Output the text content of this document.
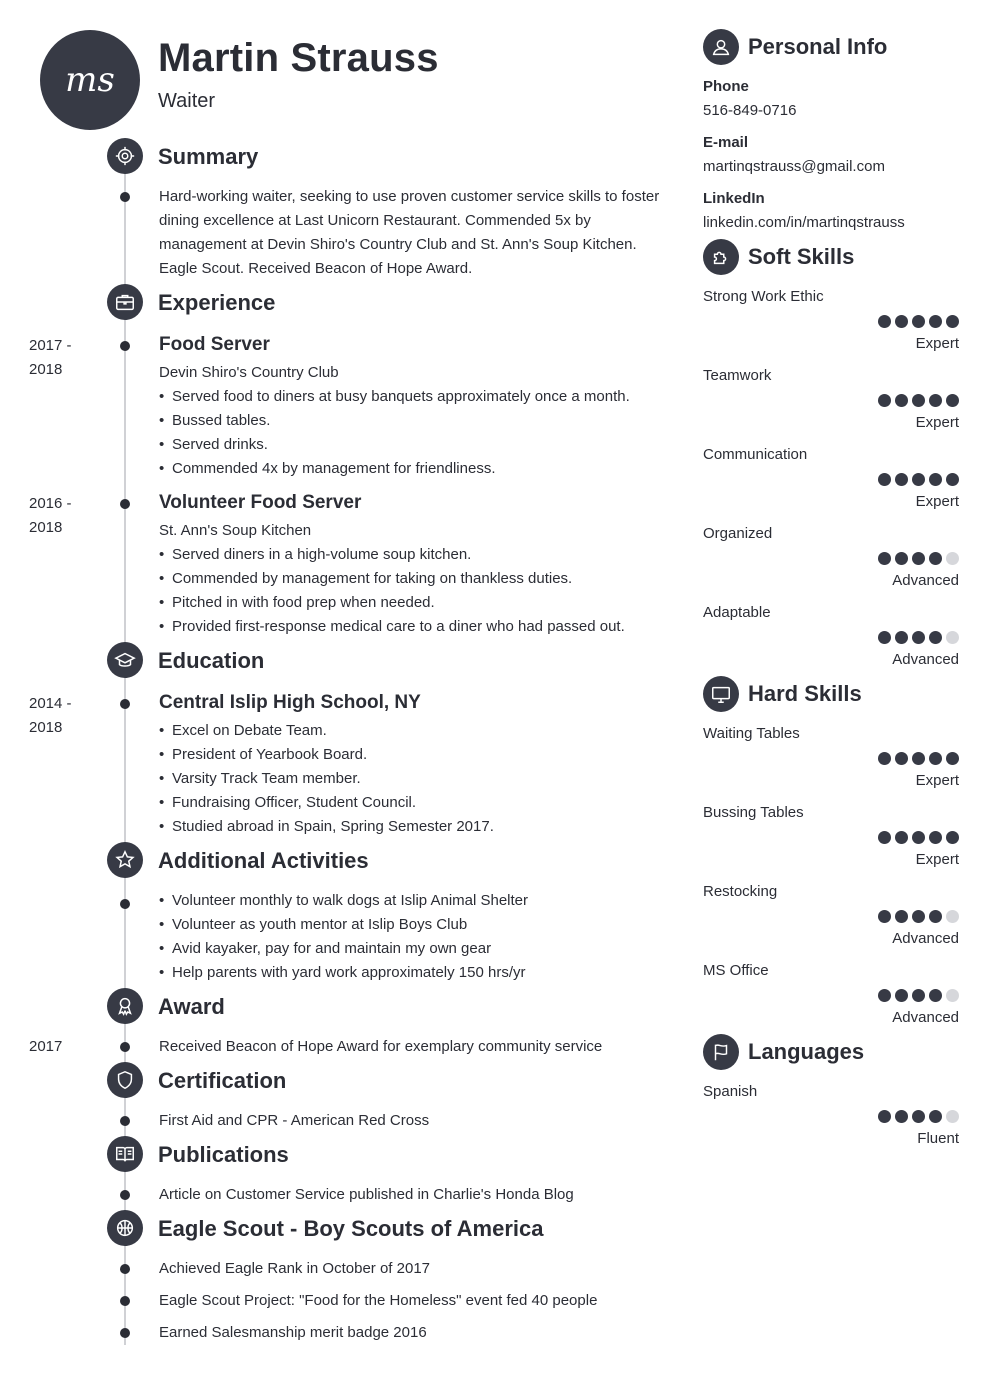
ms Martin Strauss
Waiter
Summary
Hard-working waiter, seeking to use proven customer service skills to foster dining excellence at Last Unicorn Restaurant. Commended 5x by management at Devin Shiro's Country Club and St. Ann's Soup Kitchen. Eagle Scout. Received Beacon of Hope Award.
Experience
2017 -
2018
Food Server
Devin Shiro's Country Club
• Served food to diners at busy banquets approximately once a month.
• Bussed tables.
• Served drinks.
• Commended 4x by management for friendliness.
2016 -
2018
Volunteer Food Server
St. Ann's Soup Kitchen
• Served diners in a high-volume soup kitchen.
• Commended by management for taking on thankless duties.
• Pitched in with food prep when needed.
• Provided first-response medical care to a diner who had passed out.
Education
2014 -
2018
Central Islip High School, NY
• Excel on Debate Team.
• President of Yearbook Board.
• Varsity Track Team member.
• Fundraising Officer, Student Council.
• Studied abroad in Spain, Spring Semester 2017.
Additional Activities
• Volunteer monthly to walk dogs at Islip Animal Shelter
• Volunteer as youth mentor at Islip Boys Club
• Avid kayaker, pay for and maintain my own gear
• Help parents with yard work approximately 150 hrs/yr
Award
2017	Received Beacon of Hope Award for exemplary community service
Certification
First Aid and CPR - American Red Cross
Publications
Article on Customer Service published in Charlie's Honda Blog
Eagle Scout - Boy Scouts of America
Achieved Eagle Rank in October of 2017
Eagle Scout Project: "Food for the Homeless" event fed 40 people
Earned Salesmanship merit badge 2016
Personal Info
Phone
516-849-0716
E-mail
martinqstrauss@gmail.com
LinkedIn
linkedin.com/in/martinqstrauss
Soft Skills
Strong Work Ethic
Expert
Teamwork
Expert
Communication
Expert
Organized
Advanced
Adaptable
Advanced
Hard Skills
Waiting Tables
Expert
Bussing Tables
Expert
Restocking
Advanced
MS Office
Advanced
Languages
Spanish
Fluent
